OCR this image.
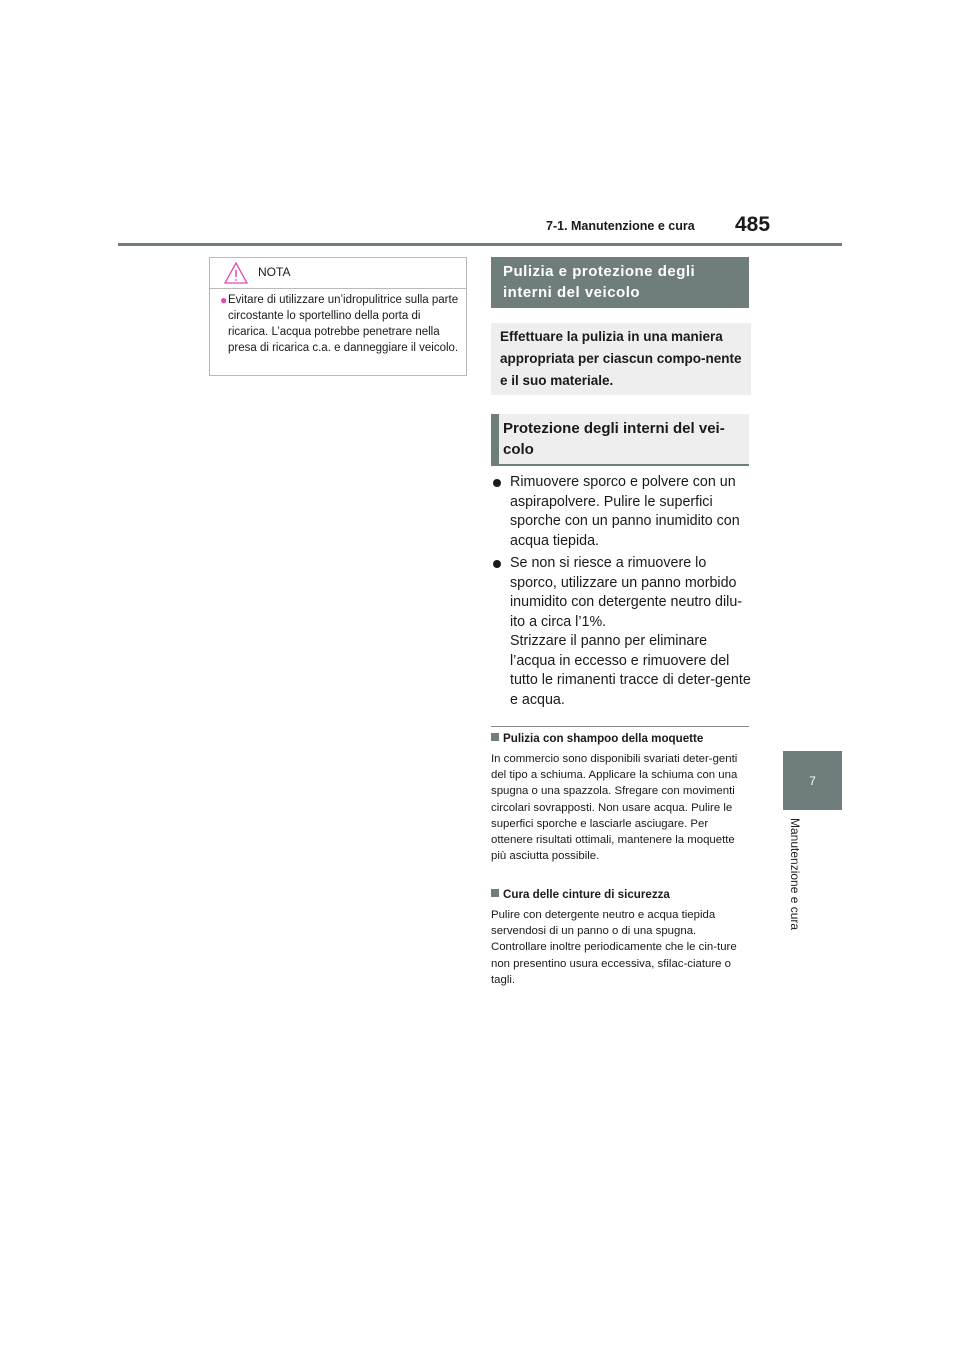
7-1. Manutenzione e cura 485
7
Manutenzione e cura
NOTA
● Evitare di utilizzare un’idropulitrice sulla parte circostante lo sportellino della porta di ricarica. L’acqua potrebbe penetrare nella presa di ricarica c.a. e danneggiare il veicolo.
Pulizia e protezione degli interni del veicolo
Effettuare la pulizia in una maniera appropriata per ciascun compo-nente e il suo materiale.
Protezione degli interni del vei-colo
Rimuovere sporco e polvere con un aspirapolvere. Pulire le superfici sporche con un panno inumidito con acqua tiepida.
Se non si riesce a rimuovere lo sporco, utilizzare un panno morbido inumidito con detergente neutro dilu-ito a circa l’1%.
Strizzare il panno per eliminare l’acqua in eccesso e rimuovere del tutto le rimanenti tracce di deter-gente e acqua.
Pulizia con shampoo della moquette
In commercio sono disponibili svariati deter-genti del tipo a schiuma. Applicare la schiuma con una spugna o una spazzola. Sfregare con movimenti circolari sovrapposti. Non usare acqua. Pulire le superfici sporche e lasciarle asciugare. Per ottenere risultati ottimali, mantenere la moquette più asciutta possibile.
Cura delle cinture di sicurezza
Pulire con detergente neutro e acqua tiepida servendosi di un panno o di una spugna. Controllare inoltre periodicamente che le cin-ture non presentino usura eccessiva, sfilac-ciature o tagli.
